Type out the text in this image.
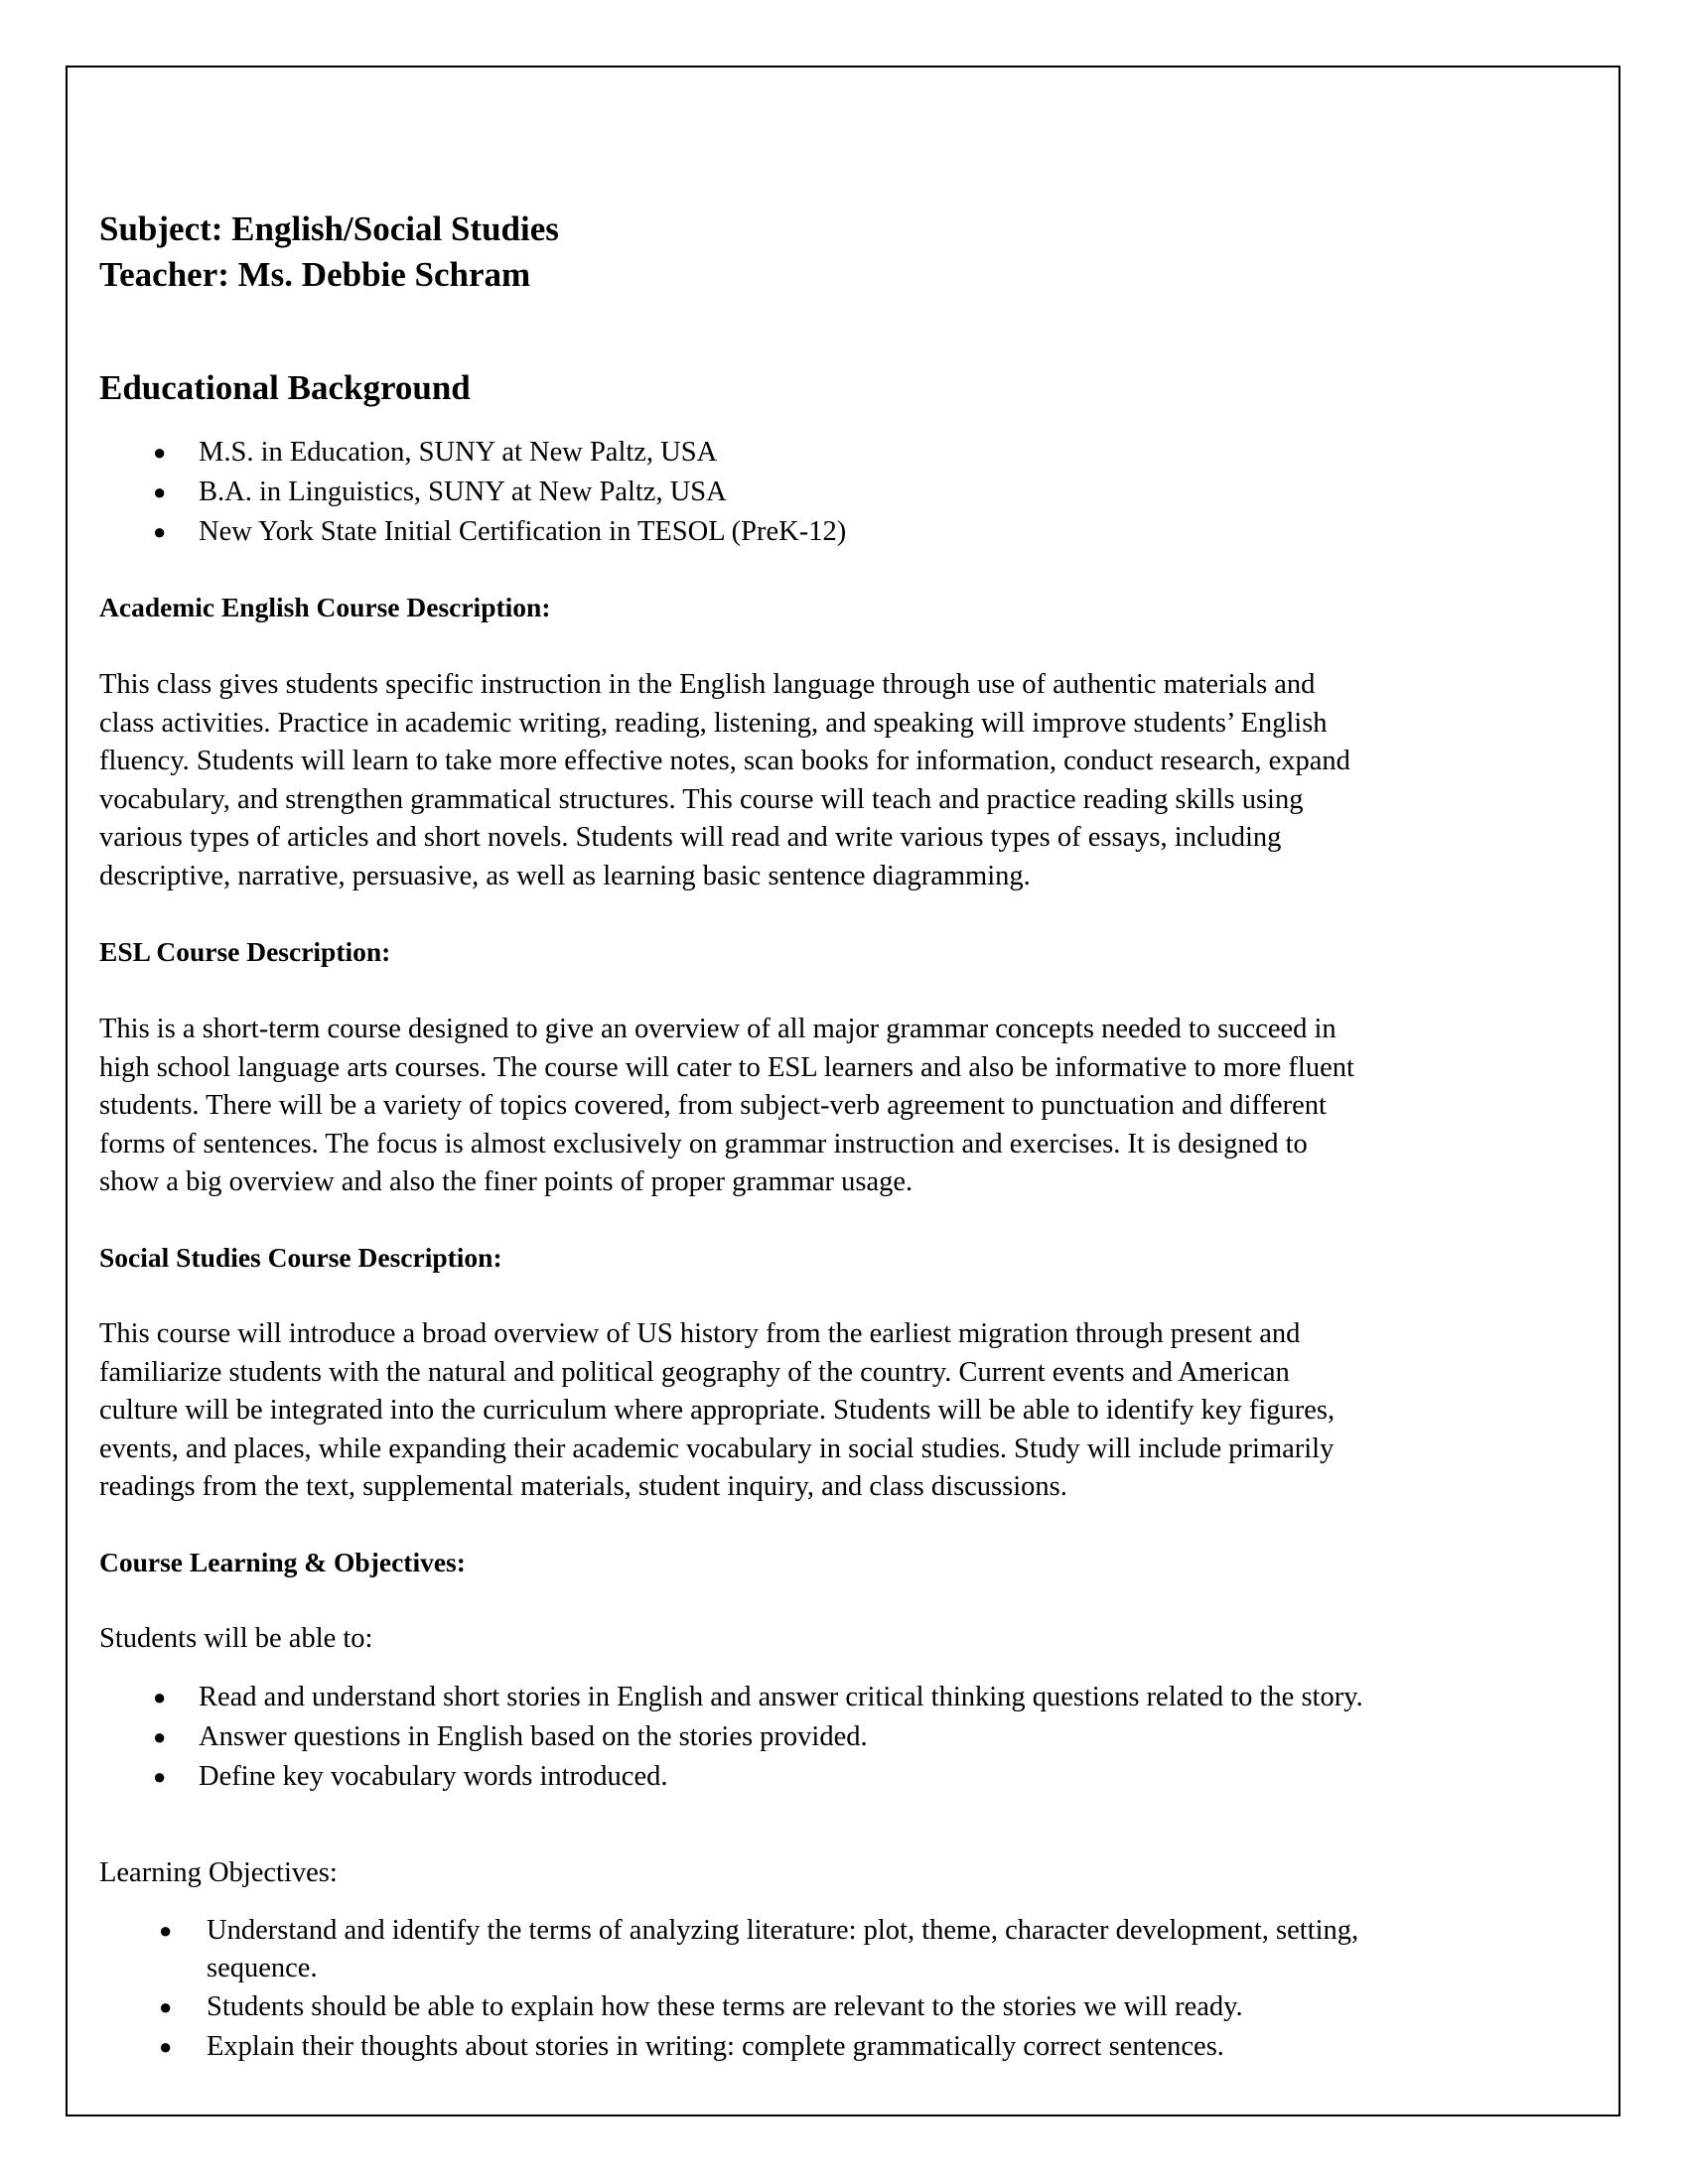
Subject: English/Social Studies

Teacher: Ms. Debbie Schram

Educational Background

● M.S. in Education, SUNY at New Paltz, USA
● B.A. in Linguistics, SUNY at New Paltz, USA
● New York State Initial Certification in TESOL (PreK-12)

Academic English Course Description:

This class gives students specific instruction in the English language through use of authentic materials and
class activities. Practice in academic writing, reading, listening, and speaking will improve students’ English
fluency. Students will learn to take more effective notes, scan books for information, conduct research, expand
vocabulary, and strengthen grammatical structures. This course will teach and practice reading skills using
various types of articles and short novels. Students will read and write various types of essays, including
descriptive, narrative, persuasive, as well as learning basic sentence diagramming.

ESL Course Description:

This is a short-term course designed to give an overview of all major grammar concepts needed to succeed in
high school language arts courses. The course will cater to ESL learners and also be informative to more fluent
students. There will be a variety of topics covered, from subject-verb agreement to punctuation and different
forms of sentences. The focus is almost exclusively on grammar instruction and exercises. It is designed to
show a big overview and also the finer points of proper grammar usage.

Social Studies Course Description:

This course will introduce a broad overview of US history from the earliest migration through present and
familiarize students with the natural and political geography of the country. Current events and American
culture will be integrated into the curriculum where appropriate. Students will be able to identify key figures,
events, and places, while expanding their academic vocabulary in social studies. Study will include primarily
readings from the text, supplemental materials, student inquiry, and class discussions.

Course Learning & Objectives:

Students will be able to:

● Read and understand short stories in English and answer critical thinking questions related to the story.
● Answer questions in English based on the stories provided.
● Define key vocabulary words introduced.

Learning Objectives:

● Understand and identify the terms of analyzing literature: plot, theme, character development, setting,
sequence.
● Students should be able to explain how these terms are relevant to the stories we will ready.
● Explain their thoughts about stories in writing: complete grammatically correct sentences.
